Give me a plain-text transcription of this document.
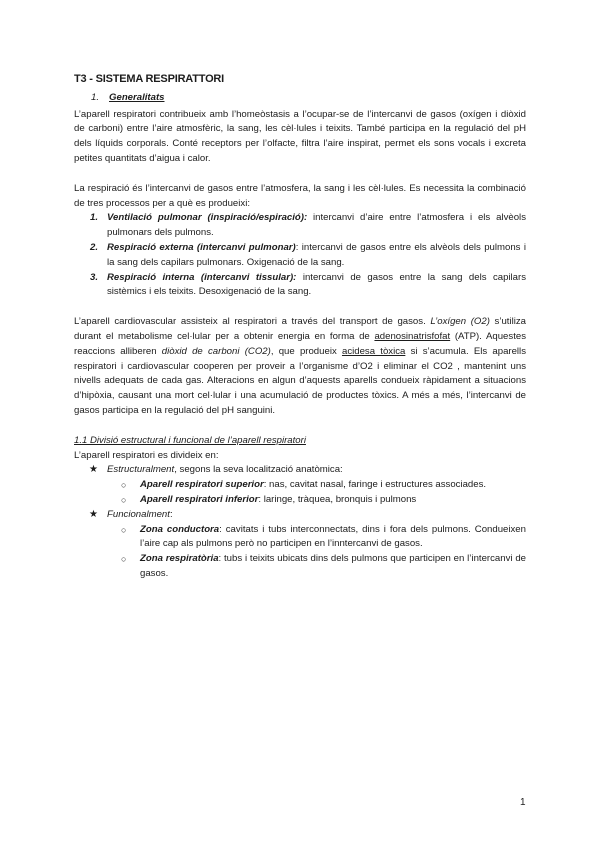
T3 - SISTEMA RESPIRATTORI
1. Generalitats

L’aparell respiratori contribueix amb l’homeòstasis a l’ocupar-se de l’intercanvi de gasos (oxígen i diòxid de carboni) entre l’aire atmosfèric, la sang, les cèl·lules i teixits. També participa en la regulació del pH dels líquids corporals. Conté receptors per l’olfacte, filtra l’aire inspirat, permet els sons vocals i excreta petites quantitats d’aigua i calor.

La respiració és l’intercanvi de gasos entre l’atmosfera, la sang i les cèl·lules. Es necessita la combinació de tres processos per a què es produeixi:

1. Ventilació pulmonar (inspiració/espiració): intercanvi d’aire entre l’atmosfera i els alvèols pulmonars dels pulmons.
2. Respiració externa (intercanvi pulmonar): intercanvi de gasos entre els alvèols dels pulmons i la sang dels capilars pulmonars. Oxigenació de la sang.
3. Respiració interna (intercanvi tissular): intercanvi de gasos entre la sang dels capilars sistèmics i els teixits. Desoxigenació de la sang.

L’aparell cardiovascular assisteix al respiratori a través del transport de gasos. L’oxígen (O2) s’utiliza durant el metabolisme cel·lular per a obtenir energia en forma de adenosinatrisfofat (ATP). Aquestes reaccions alliberen diòxid de carboni (CO2), que produeix acidesa tòxica si s’acumula. Els aparells respiratori i cardiovascular cooperen per proveir a l’organisme d’O2 i eliminar el CO2 , mantenint uns nivells adequats de cada gas. Alteracions en algun d’aquests aparells condueix ràpidament a situacions d’hipòxia, causant una mort cel·lular i una acumulació de productes tòxics. A més a més, l’intercanvi de gasos participa en la regulació del pH sanguini.

1.1 Divisió estructural i funcional de l’aparell respiratori

L’aparell respiratori es divideix en:

★ Estructuralment, segons la seva localització anatòmica:
○ Aparell respiratori superior: nas, cavitat nasal, faringe i estructures associades.
○ Aparell respiratori inferior: laringe, tràquea, bronquis i pulmons
★ Funcionalment:
○ Zona conductora: cavitats i tubs interconnectats, dins i fora dels pulmons. Condueixen l’aire cap als pulmons però no participen en l’inntercanvi de gasos.
○ Zona respiratòria: tubs i teixits ubicats dins dels pulmons que participen en l’intercanvi de gasos.
1
